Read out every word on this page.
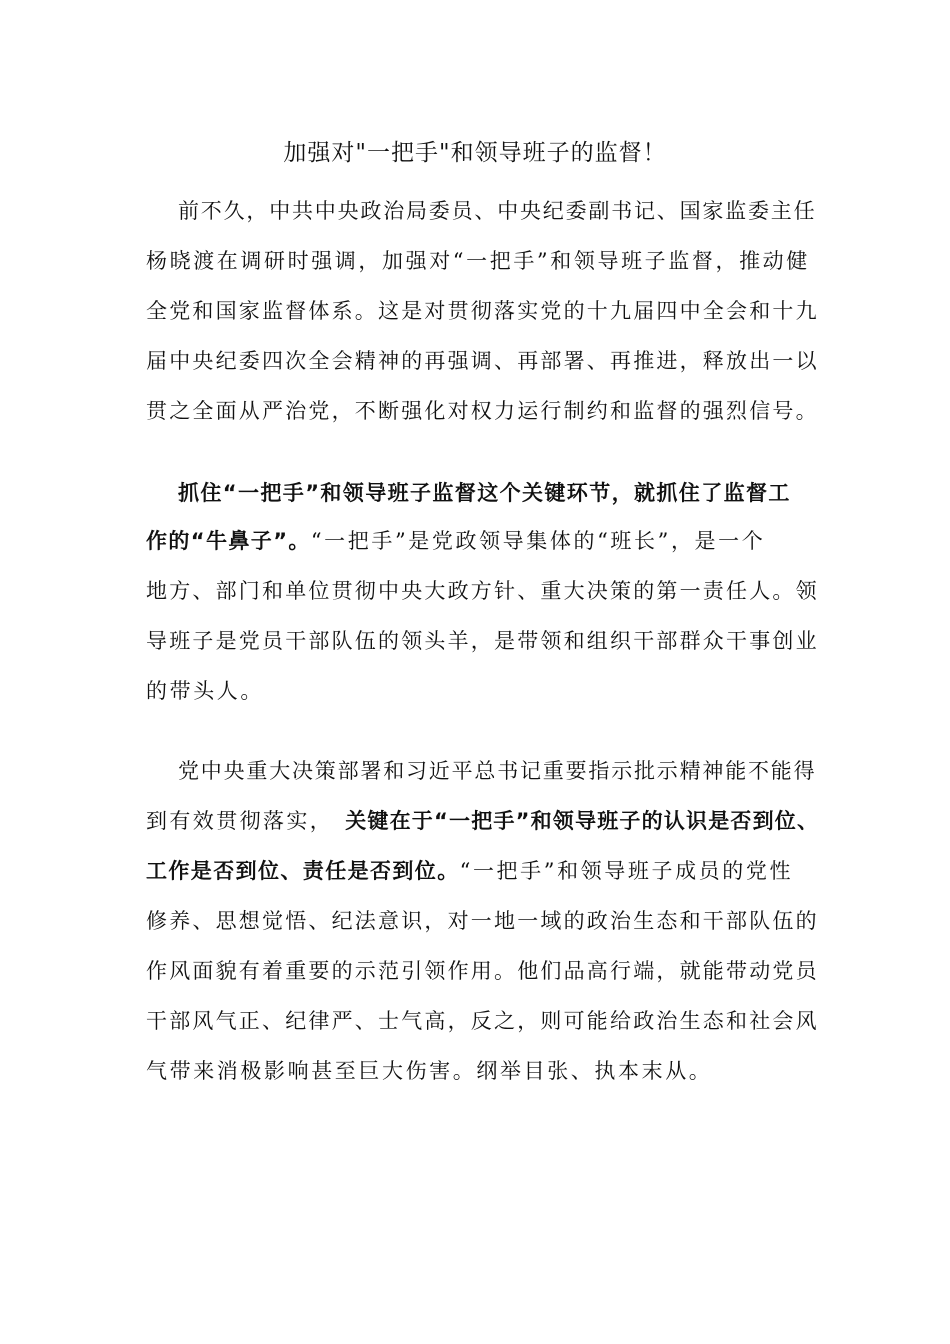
加强对"一把手"和领导班子的监督！

前不久，中共中央政治局委员、中央纪委副书记、国家监委主任

杨晓渡在调研时强调，加强对“一把手”和领导班子监督，推动健

全党和国家监督体系。这是对贯彻落实党的十九届四中全会和十九

届中央纪委四次全会精神的再强调、再部署、再推进，释放出一以

贯之全面从严治党，不断强化对权力运行制约和监督的强烈信号。

抓住“一把手”和领导班子监督这个关键环节，就抓住了监督工

作的“牛鼻子”。“一把手”是党政领导集体的“班长”，是一个

地方、部门和单位贯彻中央大政方针、重大决策的第一责任人。领

导班子是党员干部队伍的领头羊，是带领和组织干部群众干事创业

的带头人。

党中央重大决策部署和习近平总书记重要指示批示精神能不能得

到有效贯彻落实， 关键在于“一把手”和领导班子的认识是否到位、

工作是否到位、责任是否到位。“一把手”和领导班子成员的党性

修养、思想觉悟、纪法意识，对一地一域的政治生态和干部队伍的

作风面貌有着重要的示范引领作用。他们品高行端，就能带动党员

干部风气正、纪律严、士气高，反之，则可能给政治生态和社会风

气带来消极影响甚至巨大伤害。纲举目张、执本末从。
